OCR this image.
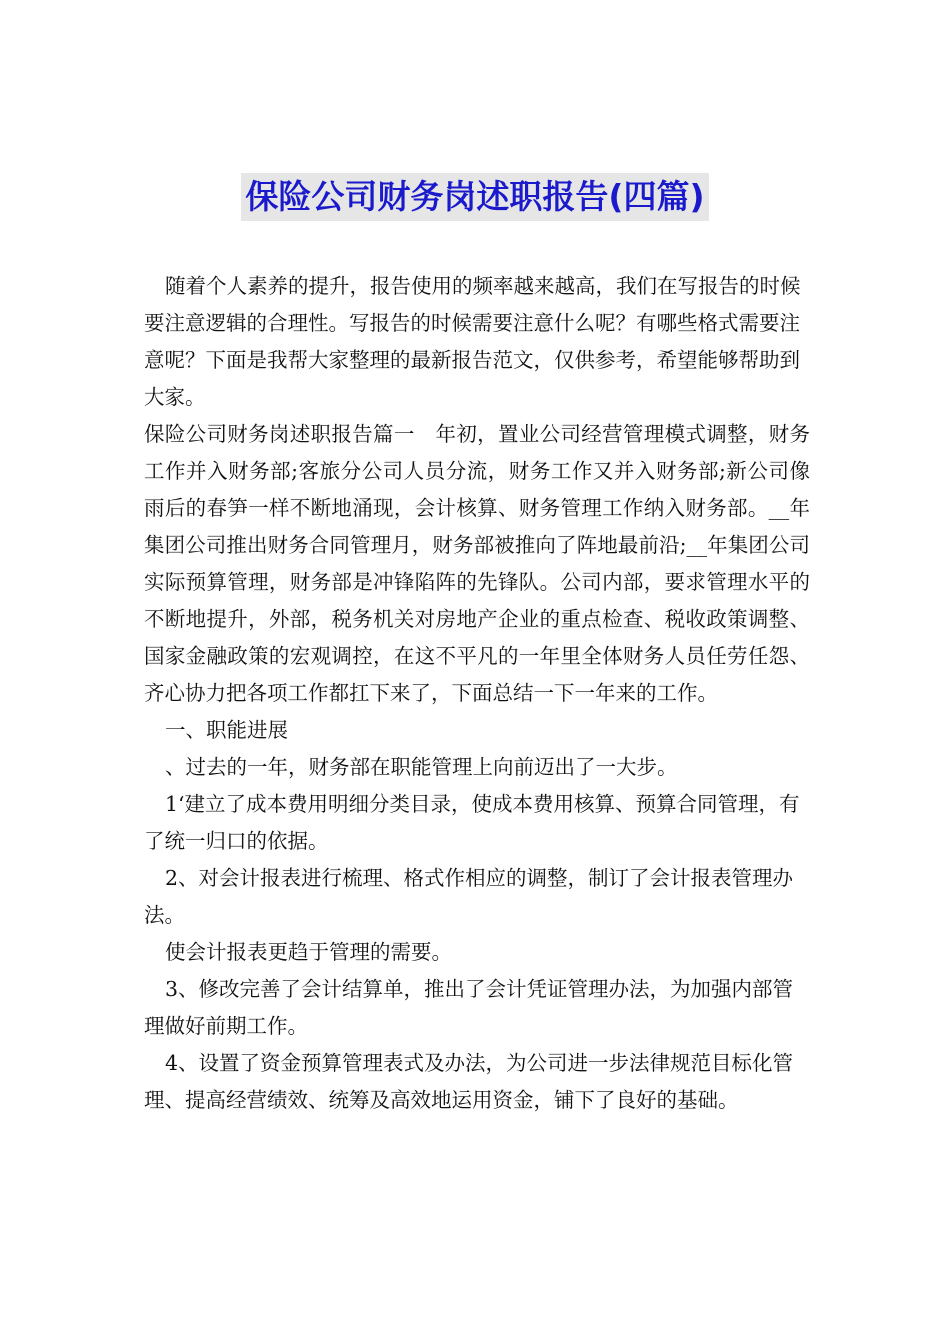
保险公司财务岗述职报告(四篇)

随着个人素养的提升，报告使用的频率越来越高，我们在写报告的时候要注意逻辑的合理性。写报告的时候需要注意什么呢？有哪些格式需要注意呢？下面是我帮大家整理的最新报告范文，仅供参考，希望能够帮助到大家。

保险公司财务岗述职报告篇一　年初，置业公司经营管理模式调整，财务工作并入财务部;客旅分公司人员分流，财务工作又并入财务部;新公司像雨后的春笋一样不断地涌现，会计核算、财务管理工作纳入财务部。__年集团公司推出财务合同管理月，财务部被推向了阵地最前沿;__年集团公司实际预算管理，财务部是冲锋陷阵的先锋队。公司内部，要求管理水平的不断地提升，外部，税务机关对房地产企业的重点检查、税收政策调整、国家金融政策的宏观调控，在这不平凡的一年里全体财务人员任劳任怨、齐心协力把各项工作都扛下来了，下面总结一下一年来的工作。

一、职能进展

、过去的一年，财务部在职能管理上向前迈出了一大步。

1‘建立了成本费用明细分类目录，使成本费用核算、预算合同管理，有了统一归口的依据。

2、对会计报表进行梳理、格式作相应的调整，制订了会计报表管理办法。

使会计报表更趋于管理的需要。

3、修改完善了会计结算单，推出了会计凭证管理办法，为加强内部管理做好前期工作。

4、设置了资金预算管理表式及办法，为公司进一步法律规范目标化管理、提高经营绩效、统筹及高效地运用资金，铺下了良好的基础。
